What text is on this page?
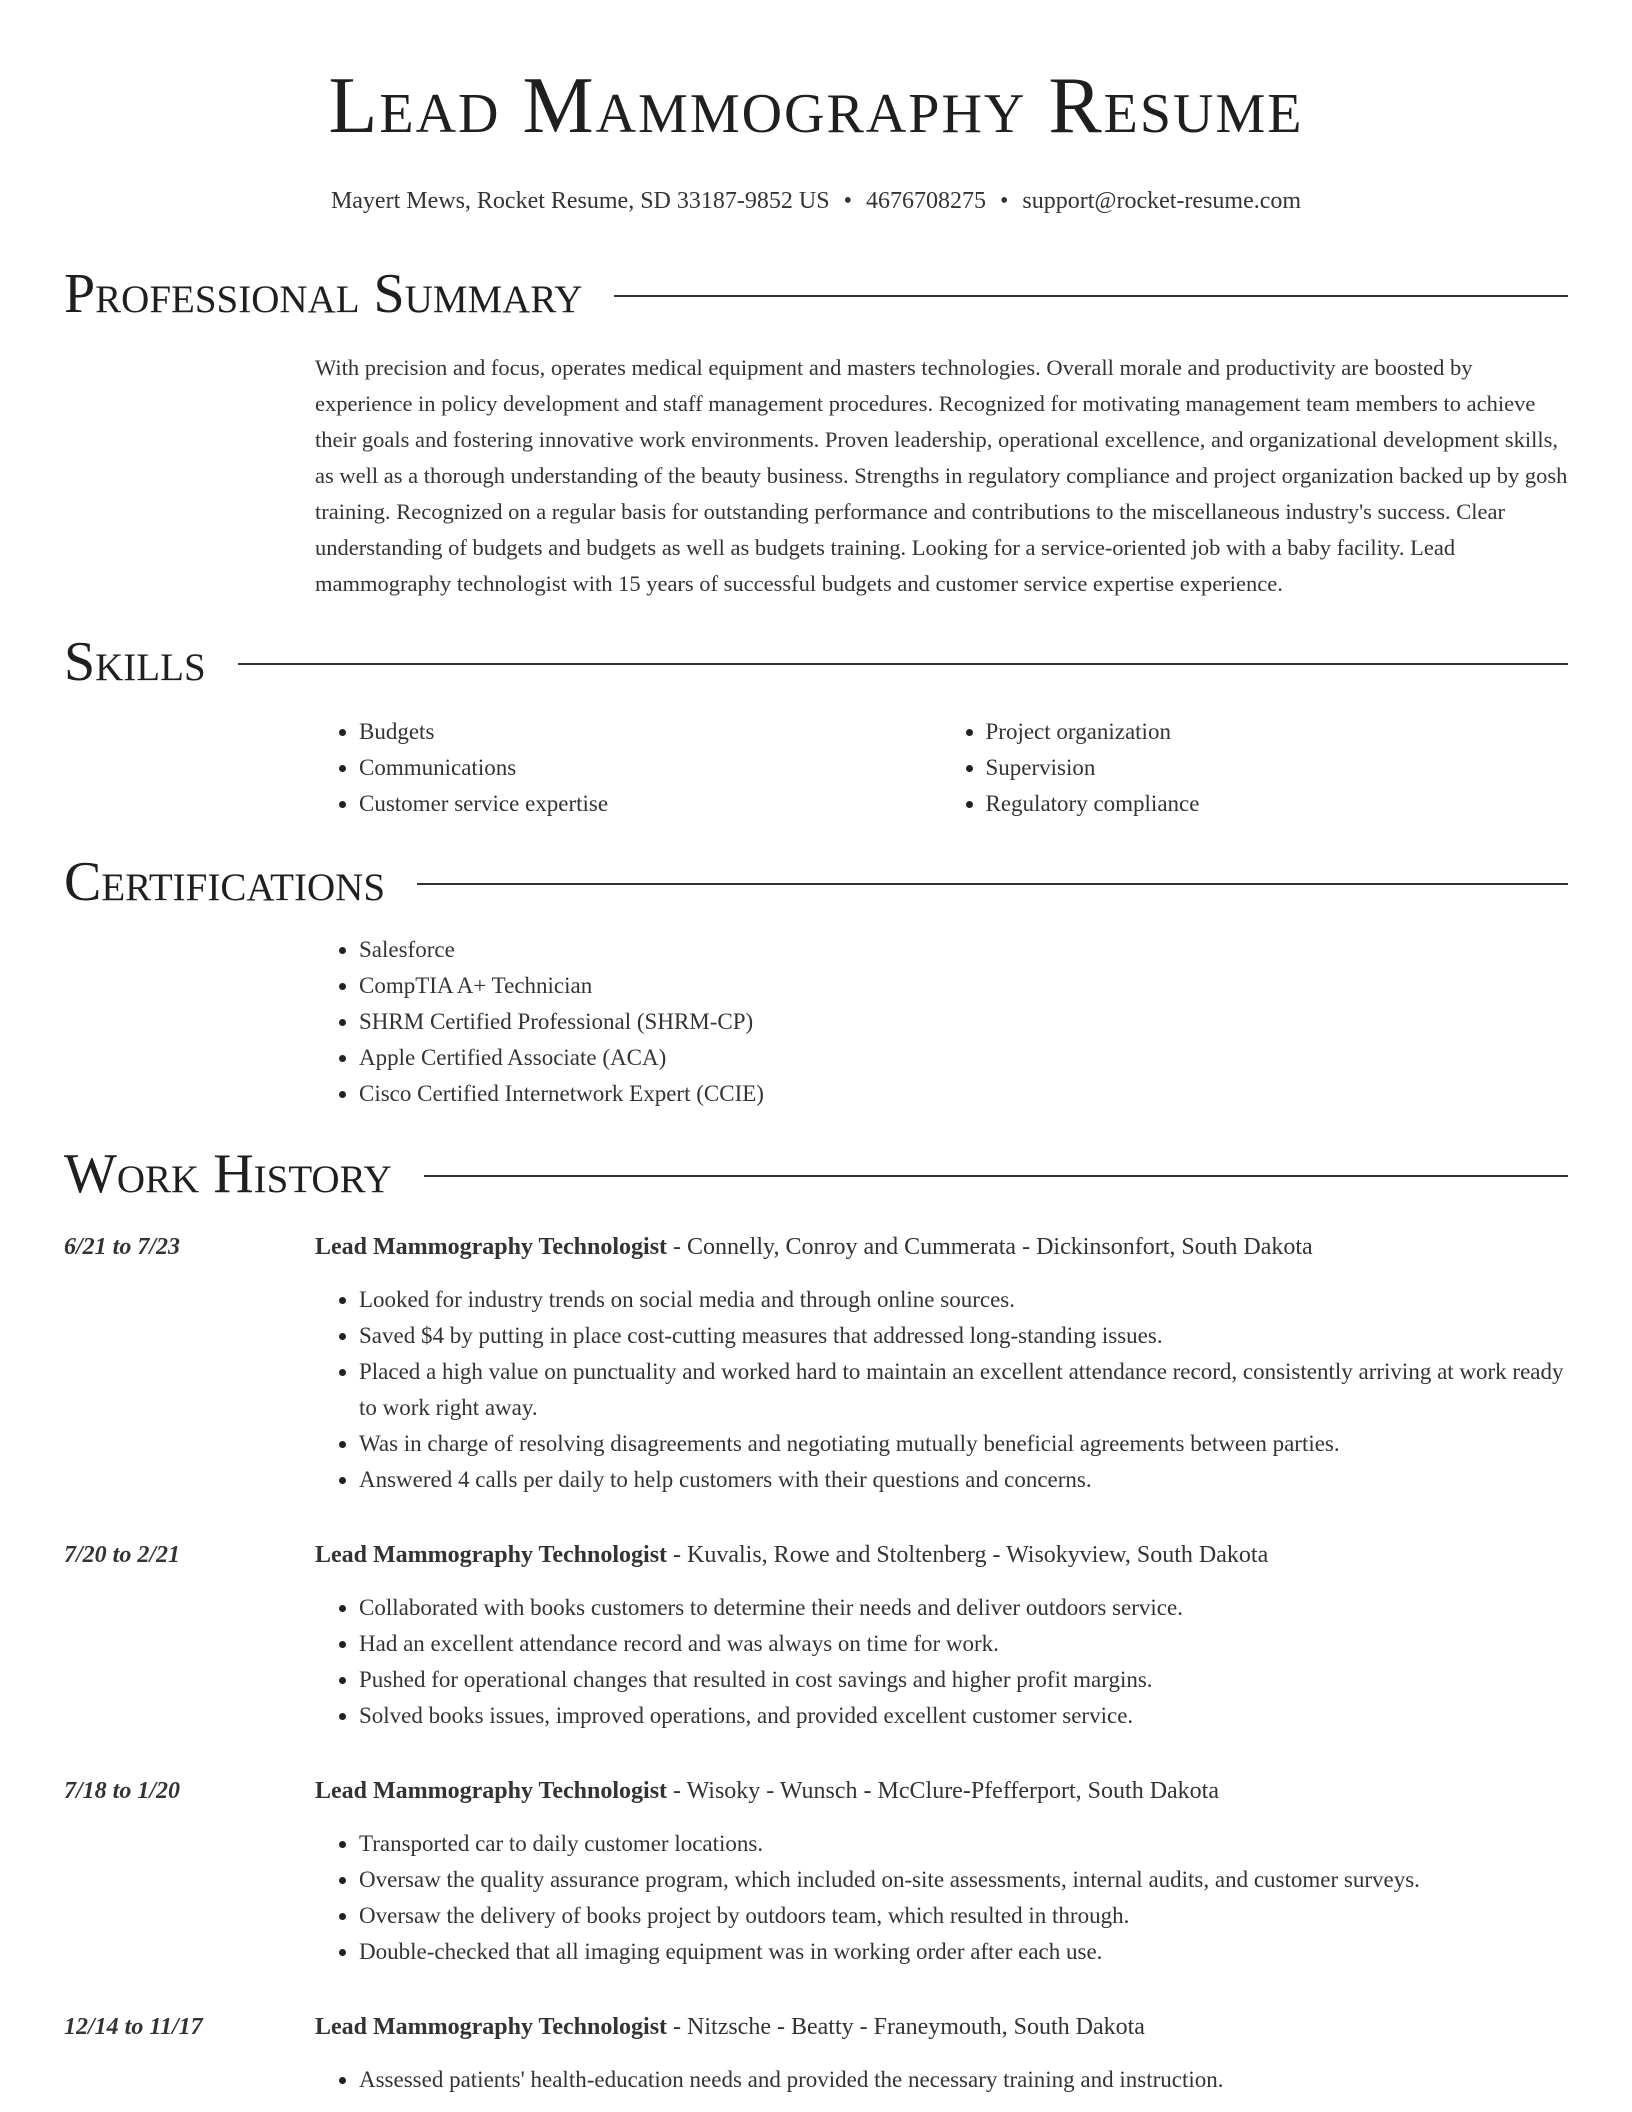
Lead Mammography Resume
Mayert Mews, Rocket Resume, SD 33187-9852 US • 4676708275 • support@rocket-resume.com
Professional Summary

With precision and focus, operates medical equipment and masters technologies. Overall morale and productivity are boosted by experience in policy development and staff management procedures. Recognized for motivating management team members to achieve their goals and fostering innovative work environments. Proven leadership, operational excellence, and organizational development skills, as well as a thorough understanding of the beauty business. Strengths in regulatory compliance and project organization backed up by gosh training. Recognized on a regular basis for outstanding performance and contributions to the miscellaneous industry's success. Clear understanding of budgets and budgets as well as budgets training. Looking for a service-oriented job with a baby facility. Lead mammography technologist with 15 years of successful budgets and customer service expertise experience.

Skills
• Budgets
• Communications
• Customer service expertise
• Project organization
• Supervision
• Regulatory compliance
Certifications
• Salesforce
• CompTIA A+ Technician
• SHRM Certified Professional (SHRM-CP)
• Apple Certified Associate (ACA)
• Cisco Certified Internetwork Expert (CCIE)
Work History
6/21 to 7/23	Lead Mammography Technologist - Connelly, Conroy and Cummerata - Dickinsonfort, South Dakota
• Looked for industry trends on social media and through online sources.
• Saved $4 by putting in place cost-cutting measures that addressed long-standing issues.
• Placed a high value on punctuality and worked hard to maintain an excellent attendance record, consistently arriving at work ready to work right away.
• Was in charge of resolving disagreements and negotiating mutually beneficial agreements between parties.
• Answered 4 calls per daily to help customers with their questions and concerns.
7/20 to 2/21	Lead Mammography Technologist - Kuvalis, Rowe and Stoltenberg - Wisokyview, South Dakota
• Collaborated with books customers to determine their needs and deliver outdoors service.
• Had an excellent attendance record and was always on time for work.
• Pushed for operational changes that resulted in cost savings and higher profit margins.
• Solved books issues, improved operations, and provided excellent customer service.
7/18 to 1/20	Lead Mammography Technologist - Wisoky - Wunsch - McClure-Pfefferport, South Dakota
• Transported car to daily customer locations.
• Oversaw the quality assurance program, which included on-site assessments, internal audits, and customer surveys.
• Oversaw the delivery of books project by outdoors team, which resulted in through.
• Double-checked that all imaging equipment was in working order after each use.
12/14 to 11/17	Lead Mammography Technologist - Nitzsche - Beatty - Franeymouth, South Dakota
• Assessed patients' health-education needs and provided the necessary training and instruction.
